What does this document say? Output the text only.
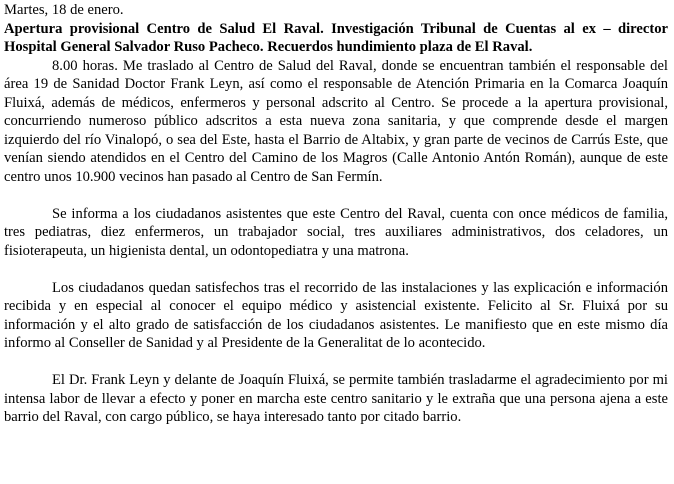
Martes, 18 de enero.

Apertura provisional Centro de Salud El Raval. Investigación Tribunal de Cuentas al ex – director Hospital General Salvador Ruso Pacheco. Recuerdos hundimiento plaza de El Raval.

8.00 horas. Me traslado al Centro de Salud del Raval, donde se encuentran también el responsable del área 19 de Sanidad Doctor Frank Leyn, así como el responsable de Atención Primaria en la Comarca Joaquín Fluixá, además de médicos, enfermeros y personal adscrito al Centro. Se procede a la apertura provisional, concurriendo numeroso público adscritos a esta nueva zona sanitaria, y que comprende desde el margen izquierdo del río Vinalopó, o sea del Este, hasta el Barrio de Altabix, y gran parte de vecinos de Carrús Este, que venían siendo atendidos en el Centro del Camino de los Magros (Calle Antonio Antón Román), aunque de este centro unos 10.900 vecinos han pasado al Centro de San Fermín.

Se informa a los ciudadanos asistentes que este Centro del Raval, cuenta con once médicos de familia, tres pediatras, diez enfermeros, un trabajador social, tres auxiliares administrativos, dos celadores, un fisioterapeuta, un higienista dental, un odontopediatra y una matrona.

Los ciudadanos quedan satisfechos tras el recorrido de las instalaciones y las explicación e información recibida y en especial al conocer el equipo médico y asistencial existente. Felicito al Sr. Fluixá por su información y el alto grado de satisfacción de los ciudadanos asistentes. Le manifiesto que en este mismo día informo al Conseller de Sanidad y al Presidente de la Generalitat de lo acontecido.

El Dr. Frank Leyn y delante de Joaquín Fluixá, se permite también trasladarme el agradecimiento por mi intensa labor de llevar a efecto y poner en marcha este centro sanitario y le extraña que una persona ajena a este barrio del Raval, con cargo público, se haya interesado tanto por citado barrio.
